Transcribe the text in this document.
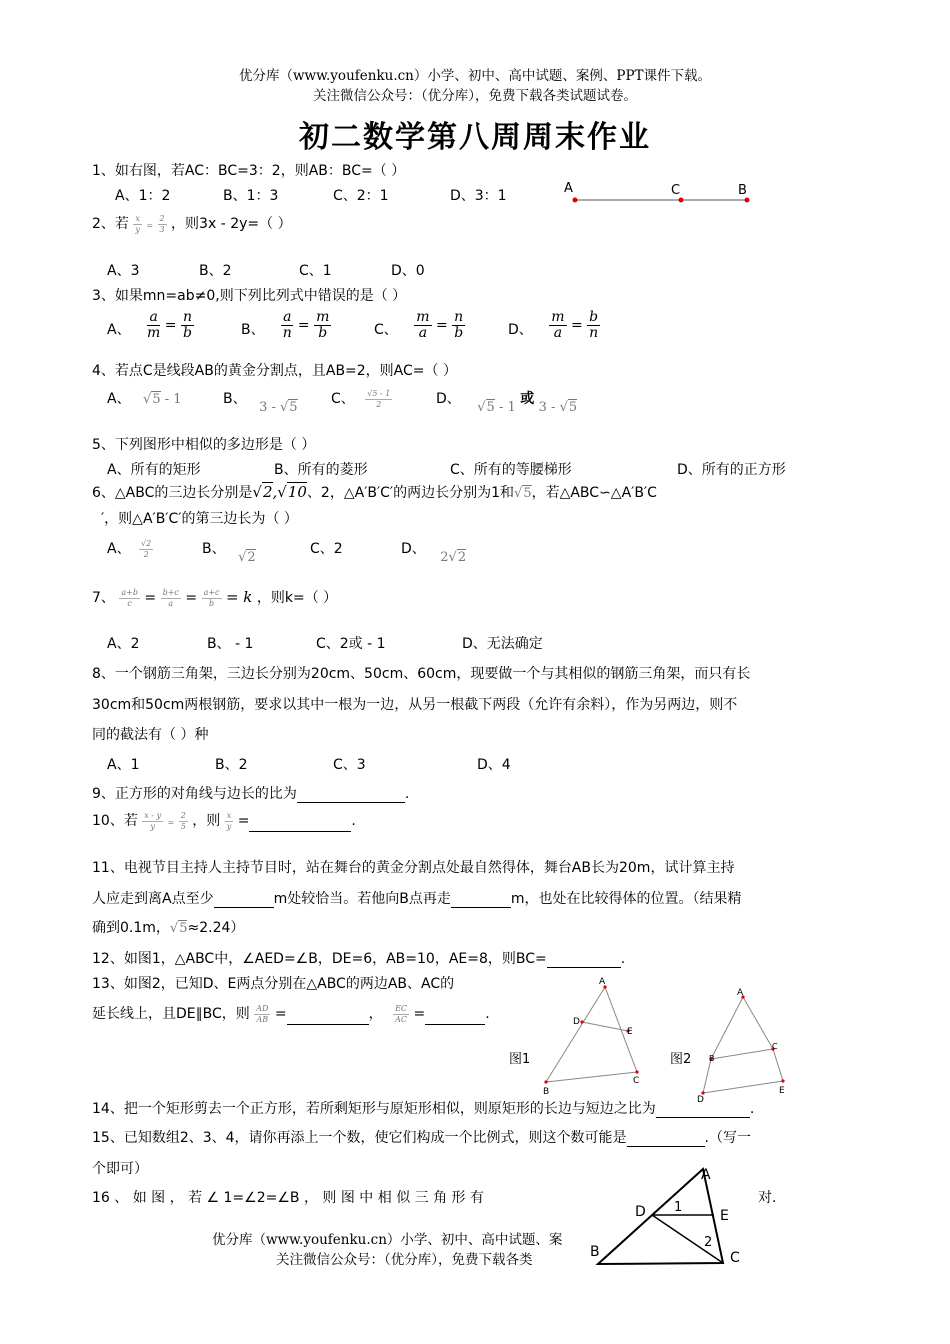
优分库（www.youfenku.cn）小学、初中、高中试题、案例、PPT课件下载。
关注微信公众号：（优分库），免费下载各类试题试卷。
初二数学第八周周末作业
1、如右图，若AC：BC=3：2，则AB：BC=（ ）
A、1：2	B、1：3	C、2：1	D、3：1	A	C	B
2、若 $\frac{x}{y} = \frac{2}{3}$ ，则3x - 2y=（ ）
A、3	B、2	C、1	D、0
3、如果mn=ab≠0,则下列比列式中错误的是（ ）
A、 $\frac{a}{m} = \frac{n}{b}$	B、 $\frac{a}{n} = \frac{m}{b}$	C、 $\frac{m}{a} = \frac{n}{b}$	D、 $\frac{m}{a} = \frac{b}{n}$
4、若点C是线段AB的黄金分割点，且AB=2，则AC=（ ）
A、 √5 - 1	B、 3 - √5
C、 $\frac{√5 - 1}{2}$	D、 √5 - 1 或 3 - √5
5、下列图形中相似的多边形是（ ）
A、所有的矩形	B、所有的菱形	C、所有的等腰梯形	D、所有的正方形
6、△ABC的三边长分别是√2,√10、2，△A′B′C′的两边长分别为1和√5，若△ABC∽△A′B′C
′，则△A′B′C′的第三边长为（ ）
A、 $\frac{√2}{2}$	B、 √2
C、2	D、 2√2
7、 $\frac{a+b}{c} = \frac{b+c}{a} = \frac{a+c}{b} = k$ ，则k=（ ）
A、2	B、 - 1	C、2或 - 1	D、无法确定
8、一个钢筋三角架，三边长分别为20cm、50cm、60cm，现要做一个与其相似的钢筋三角架，而只有长
30cm和50cm两根钢筋，要求以其中一根为一边，从另一根截下两段（允许有余料），作为另两边，则不
同的截法有（ ）种
A、1	B、2	C、3	D、4
9、正方形的对角线与边长的比为	.
10、若 $\frac{x - y}{y} = \frac{2}{5}$ ，则 $\frac{x}{y}$ =	.
11、电视节目主持人主持节目时，站在舞台的黄金分割点处最自然得体，舞台AB长为20m，试计算主持
人应走到离A点至少	m处较恰当。若他向B点再走	m，也处在比较得体的位置。（结果精
确到0.1m，√5≈2.24）
12、如图1，△ABC中，∠AED=∠B，DE=6，AB=10，AE=8，则BC=	.
13、如图2，已知D、E两点分别在△ABC的两边AB、AC的
延长线上，且DE∥BC，则 $\frac{AD}{AB}$ =	， $\frac{EC}{AC}$ =	.
A
D
E
B
C
图1	图2
A
B
C
D
E
14、把一个矩形剪去一个正方形，若所剩矩形与原矩形相似，则原矩形的长边与短边之比为	.
15、已知数组2、3、4，请你再添上一个数，使它们构成一个比例式，则这个数可能是	.（写一
个即可）
16 、 如 图 ， 若 ∠ 1=∠2=∠B ， 则 图 中 相 似 三 角 形 有	对.
A
D	E
1
2
B	C
优分库（www.youfenku.cn）小学、初中、高中试题、案
关注微信公众号：（优分库），免费下载各类
